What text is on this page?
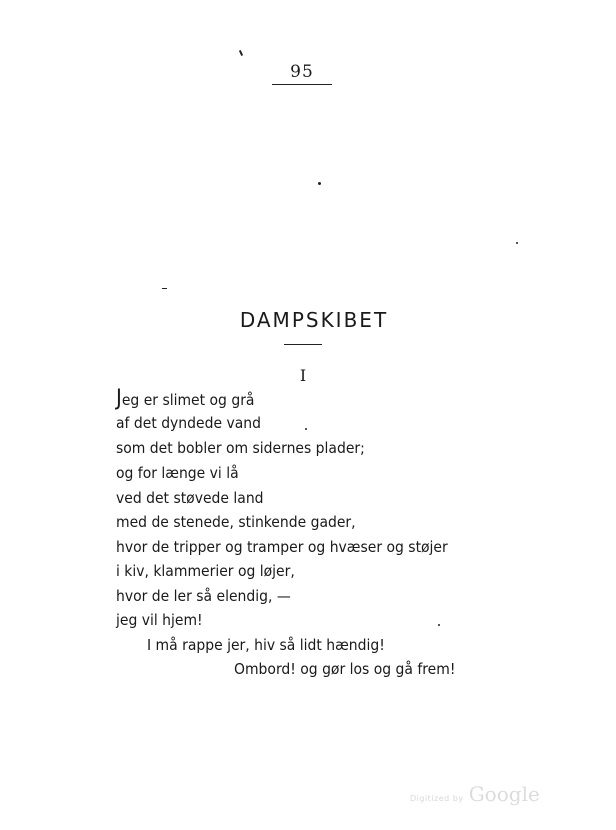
95
DAMPSKIBET
I
Jeg er slimet og grå
af det dyndede vand
som det bobler om sidernes plader;
og for længe vi lå
ved det støvede land
med de stenede, stinkende gader,
hvor de tripper og tramper og hvæser og støjer
i kiv, klammerier og løjer,
hvor de ler så elendig, —
jeg vil hjem!
I må rappe jer, hiv så lidt hændig!
Ombord! og gør los og gå frem!
Digitized by Google
